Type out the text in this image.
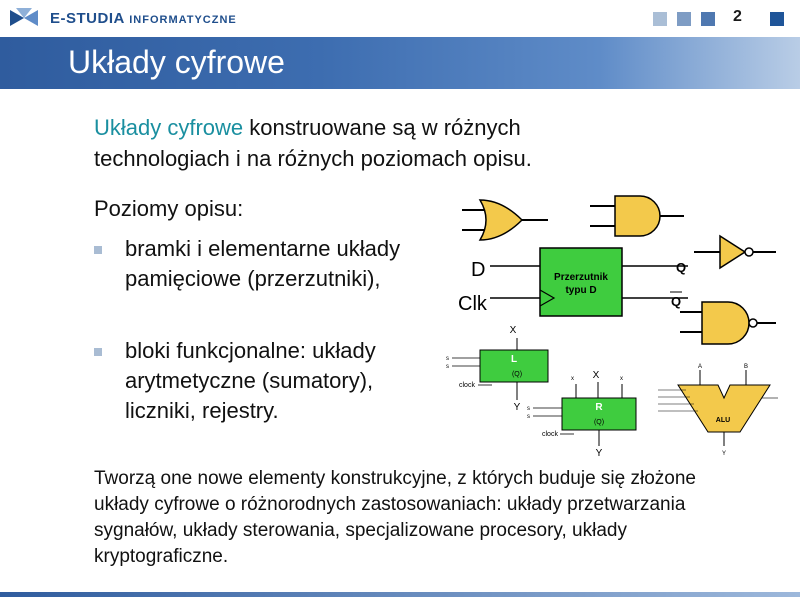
E-STUDIA INFORMATYCZNE	2
Układy cyfrowe
Układy cyfrowe konstruowane są w różnych technologiach i na różnych poziomach opisu.
Poziomy opisu:
bramki i elementarne układy pamięciowe (przerzutniki),
bloki funkcjonalne: układy arytmetyczne (sumatory), liczniki, rejestry.
Przerzutnik
typu D
D
Clk
Q
Q
X
L
(Q)
s
s
clock
Y
X
x	x
R
(Q)
s
s
clock
Y
A	B
ALU
Y
Tworzą one nowe elementy konstrukcyjne, z których buduje się złożone układy cyfrowe o różnorodnych zastosowaniach: układy przetwarzania sygnałów, układy sterowania, specjalizowane procesory, układy kryptograficzne.
